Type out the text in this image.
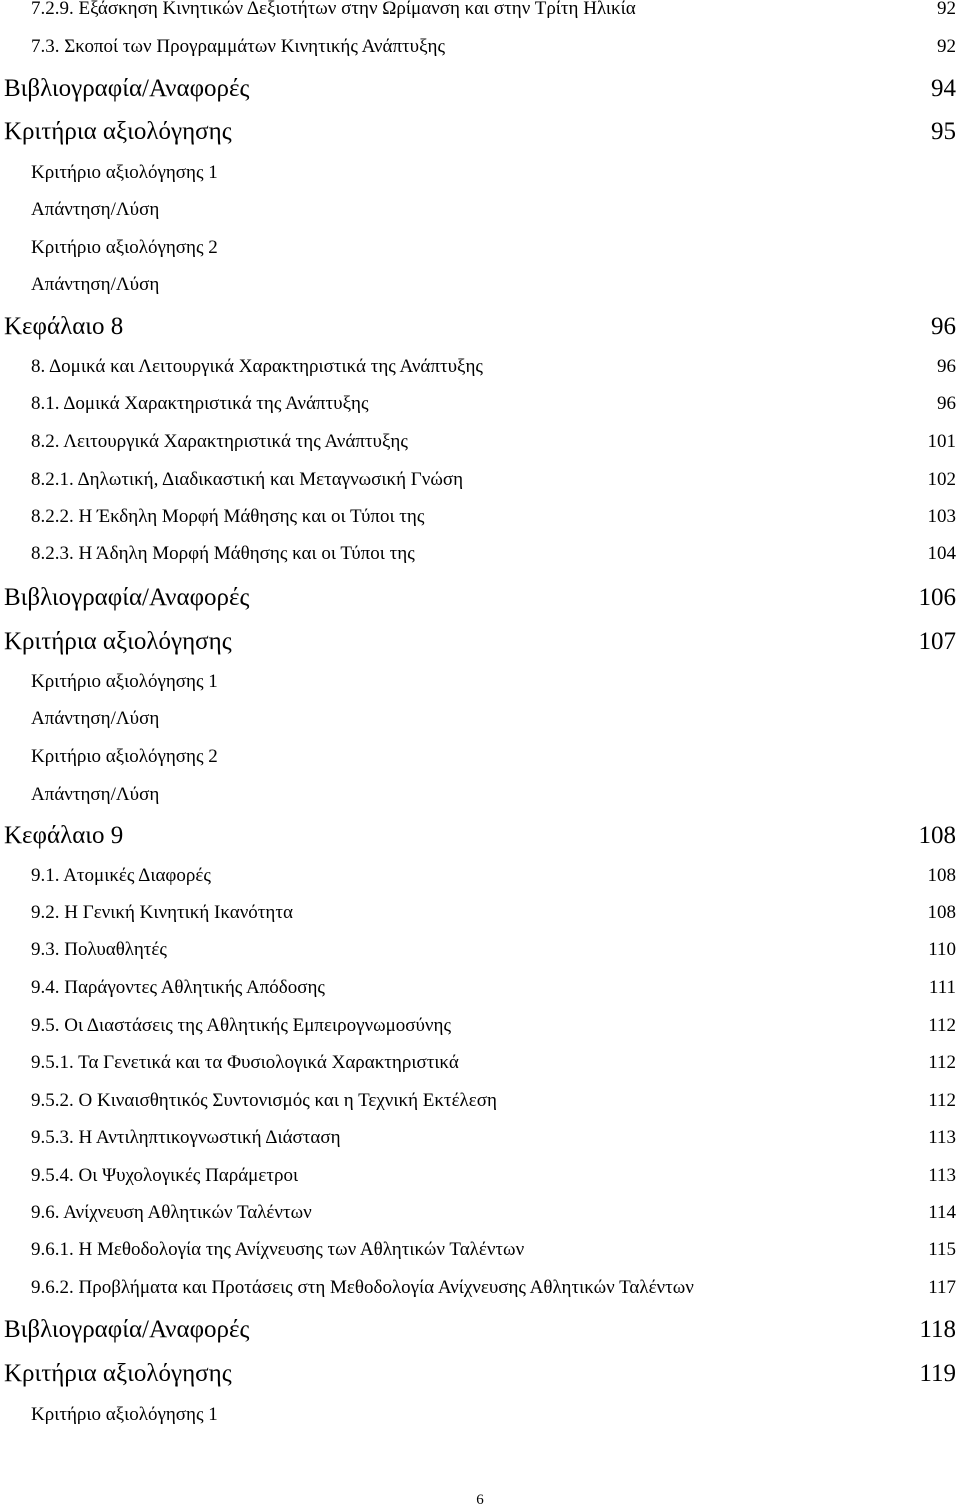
7.2.9. Εξάσκηση Κινητικών Δεξιοτήτων στην Ωρίμανση και στην Τρίτη Ηλικία	92
7.3. Σκοποί των Προγραμμάτων Κινητικής Ανάπτυξης	92
Βιβλιογραφία/Αναφορές	94
Κριτήρια αξιολόγησης	95
Κριτήριο αξιολόγησης 1
Απάντηση/Λύση
Κριτήριο αξιολόγησης 2
Απάντηση/Λύση
Κεφάλαιο 8	96
8. Δομικά και Λειτουργικά Χαρακτηριστικά της Ανάπτυξης	96
8.1. Δομικά Χαρακτηριστικά της Ανάπτυξης	96
8.2. Λειτουργικά Χαρακτηριστικά της Ανάπτυξης	101
8.2.1. Δηλωτική, Διαδικαστική και Μεταγνωσική Γνώση	102
8.2.2. Η Έκδηλη Μορφή Μάθησης και οι Τύποι της	103
8.2.3. Η Άδηλη Μορφή Μάθησης και οι Τύποι της	104
Βιβλιογραφία/Αναφορές	106
Κριτήρια αξιολόγησης	107
Κριτήριο αξιολόγησης 1
Απάντηση/Λύση
Κριτήριο αξιολόγησης 2
Απάντηση/Λύση
Κεφάλαιο 9	108
9.1. Ατομικές Διαφορές	108
9.2. Η Γενική Κινητική Ικανότητα	108
9.3. Πολυαθλητές	110
9.4. Παράγοντες Αθλητικής Απόδοσης	111
9.5. Οι Διαστάσεις της Αθλητικής Εμπειρογνωμοσύνης	112
9.5.1. Τα Γενετικά και τα Φυσιολογικά Χαρακτηριστικά	112
9.5.2. Ο Κιναισθητικός Συντονισμός και η Τεχνική Εκτέλεση	112
9.5.3. Η Αντιληπτικογνωστική Διάσταση	113
9.5.4. Οι Ψυχολογικές Παράμετροι	113
9.6. Ανίχνευση Αθλητικών Ταλέντων	114
9.6.1. Η Μεθοδολογία της Ανίχνευσης των Αθλητικών Ταλέντων	115
9.6.2. Προβλήματα και Προτάσεις στη Μεθοδολογία Ανίχνευσης Αθλητικών Ταλέντων	117
Βιβλιογραφία/Αναφορές	118
Κριτήρια αξιολόγησης	119
Κριτήριο αξιολόγησης 1
6
